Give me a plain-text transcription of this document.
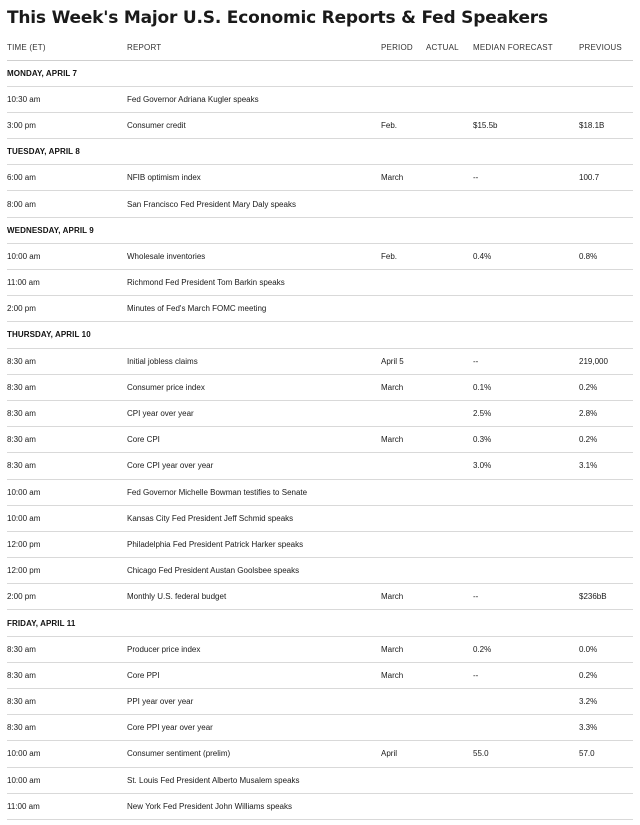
This Week's Major U.S. Economic Reports & Fed Speakers
TIME (ET)	REPORT	PERIOD	ACTUAL	MEDIAN FORECAST	PREVIOUS
MONDAY, APRIL 7					
10:30 am	Fed Governor Adriana Kugler speaks				
3:00 pm	Consumer credit	Feb.		$15.5b	$18.1B
TUESDAY, APRIL 8					
6:00 am	NFIB optimism index	March		--	100.7
8:00 am	San Francisco Fed President Mary Daly speaks				
WEDNESDAY, APRIL 9					
10:00 am	Wholesale inventories	Feb.		0.4%	0.8%
11:00 am	Richmond Fed President Tom Barkin speaks				
2:00 pm	Minutes of Fed's March FOMC meeting				
THURSDAY, APRIL 10					
8:30 am	Initial jobless claims	April 5		--	219,000
8:30 am	Consumer price index	March		0.1%	0.2%
8:30 am	CPI year over year			2.5%	2.8%
8:30 am	Core CPI	March		0.3%	0.2%
8:30 am	Core CPI year over year			3.0%	3.1%
10:00 am	Fed Governor Michelle Bowman testifies to Senate				
10:00 am	Kansas City Fed President Jeff Schmid speaks				
12:00 pm	Philadelphia Fed President Patrick Harker speaks				
12:00 pm	Chicago Fed President Austan Goolsbee speaks				
2:00 pm	Monthly U.S. federal budget	March		--	$236bB
FRIDAY, APRIL 11					
8:30 am	Producer price index	March		0.2%	0.0%
8:30 am	Core PPI	March		--	0.2%
8:30 am	PPI year over year				3.2%
8:30 am	Core PPI year over year				3.3%
10:00 am	Consumer sentiment (prelim)	April		55.0	57.0
10:00 am	St. Louis Fed President Alberto Musalem speaks				
11:00 am	New York Fed President John Williams speaks				
